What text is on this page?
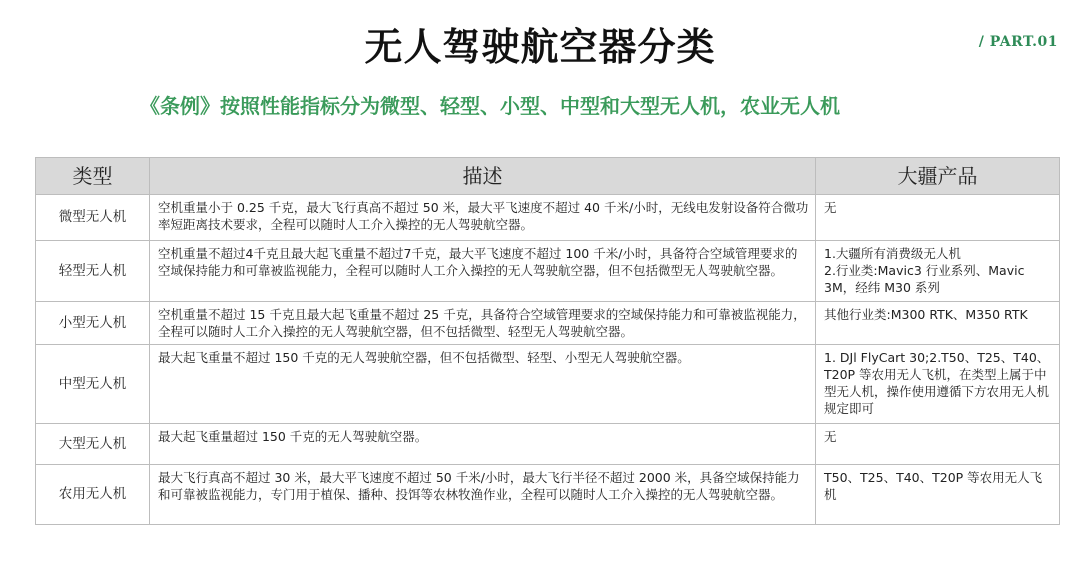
无人驾驶航空器分类	/ PART.01
《条例》按照性能指标分为微型、轻型、小型、中型和大型无人机，农业无人机
类型	描述	大疆产品
微型无人机	空机重量小于 0.25 千克，最大飞行真高不超过 50 米，最大平飞速度不超过 40 千米/小时，无线电发射设备符合微功率短距离技术要求，全程可以随时人工介入操控的无人驾驶航空器。	无
轻型无人机	空机重量不超过4千克且最大起飞重量不超过7千克，最大平飞速度不超过 100 千米/小时，具备符合空域管理要求的空域保持能力和可靠被监视能力，全程可以随时人工介入操控的无人驾驶航空器，但不包括微型无人驾驶航空器。	1.大疆所有消费级无人机
2.行业类:Mavic3 行业系列、Mavic 3M，经纬 M30 系列

小型无人机	空机重量不超过 15 千克且最大起飞重量不超过 25 千克，具备符合空域管理要求的空域保持能力和可靠被监视能力，全程可以随时人工介入操控的无人驾驶航空器，但不包括微型、轻型无人驾驶航空器。	其他行业类:M300 RTK、M350 RTK
中型无人机	最大起飞重量不超过 150 千克的无人驾驶航空器，但不包括微型、轻型、小型无人驾驶航空器。	1. DJl FlyCart 30;2.T50、T25、T40、T20P 等农用无人飞机，在类型上属于中型无人机，操作使用遵循下方农用无人机规定即可
大型无人机	最大起飞重量超过 150 千克的无人驾驶航空器。	无
农用无人机	最大飞行真高不超过 30 米，最大平飞速度不超过 50 千米/小时，最大飞行半径不超过 2000 米，具备空域保持能力和可靠被监视能力，专门用于植保、播种、投饵等农林牧渔作业，全程可以随时人工介入操控的无人驾驶航空器。	T50、T25、T40、T20P 等农用无人飞机
